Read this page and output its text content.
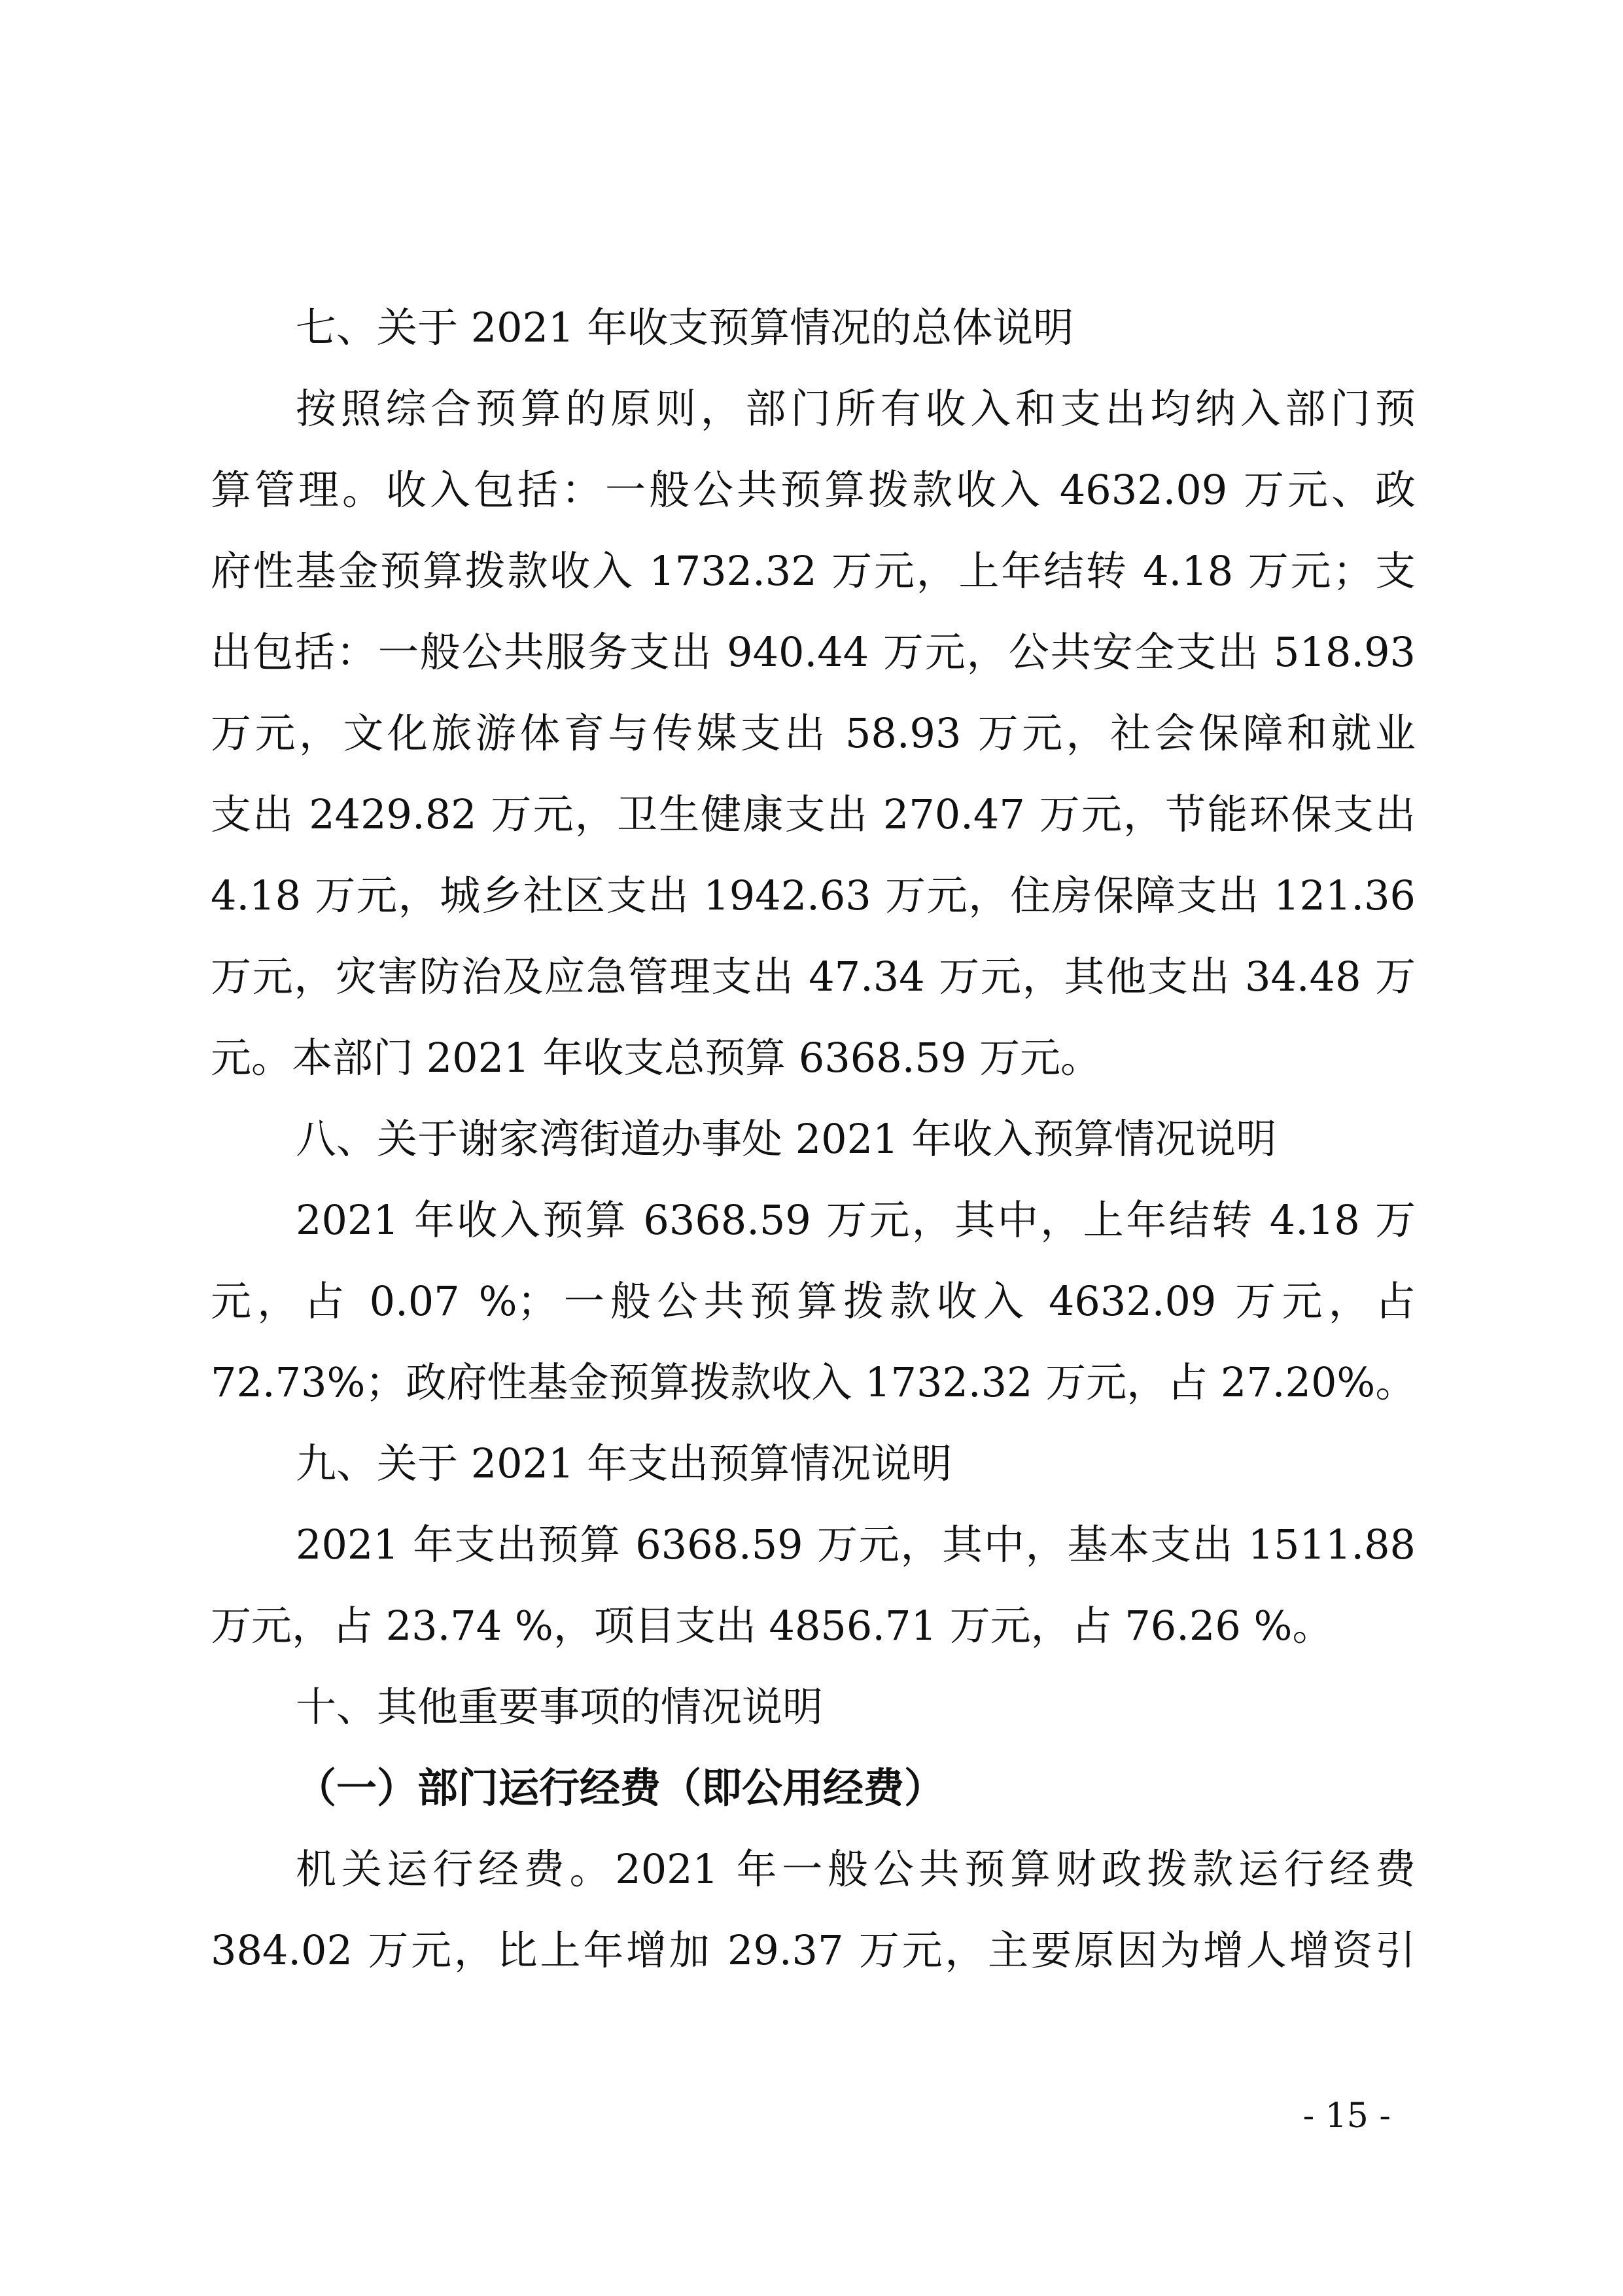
七、关于 2021 年收支预算情况的总体说明
按照综合预算的原则，部门所有收入和支出均纳入部门预
算管理。收入包括：一般公共预算拨款收入 4632.09 万元、政
府性基金预算拨款收入 1732.32 万元，上年结转 4.18 万元；支
出包括：一般公共服务支出 940.44 万元，公共安全支出 518.93
万元，文化旅游体育与传媒支出 58.93 万元，社会保障和就业
支出 2429.82 万元，卫生健康支出 270.47 万元，节能环保支出
4.18 万元，城乡社区支出 1942.63 万元，住房保障支出 121.36
万元，灾害防治及应急管理支出 47.34 万元，其他支出 34.48 万
元。本部门 2021 年收支总预算 6368.59 万元。
八、关于谢家湾街道办事处 2021 年收入预算情况说明
2021 年收入预算 6368.59 万元，其中，上年结转 4.18 万
元，占 0.07 %；一般公共预算拨款收入 4632.09 万元，占
72.73%；政府性基金预算拨款收入 1732.32 万元，占 27.20%。
九、关于 2021 年支出预算情况说明
2021 年支出预算 6368.59 万元，其中，基本支出 1511.88
万元，占 23.74 %，项目支出 4856.71 万元，占 76.26 %。
十、其他重要事项的情况说明
（一）部门运行经费（即公用经费）
机关运行经费。2021 年一般公共预算财政拨款运行经费
384.02 万元，比上年增加 29.37 万元，主要原因为增人增资引
- 15 -
